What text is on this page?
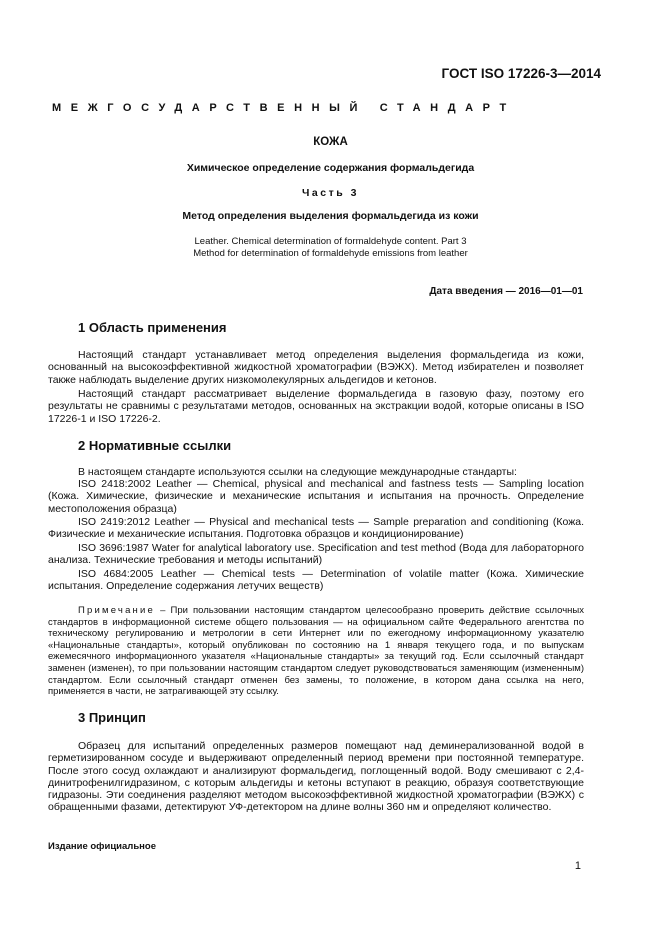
ГОСТ ISO 17226-3—2014
МЕЖГОСУДАРСТВЕННЫЙ СТАНДАРТ
КОЖА
Химическое определение содержания формальдегида
Часть 3
Метод определения выделения формальдегида из кожи
Leather. Chemical determination of formaldehyde content. Part 3
Method for determination of formaldehyde emissions from leather
Дата введения — 2016—01—01
1 Область применения

Настоящий стандарт устанавливает метод определения выделения формальдегида из кожи, основанный на высокоэффективной жидкостной хроматографии (ВЭЖХ). Метод избирателен и позволяет также наблюдать выделение других низкомолекулярных альдегидов и кетонов.

Настоящий стандарт рассматривает выделение формальдегида в газовую фазу, поэтому его результаты не сравнимы с результатами методов, основанных на экстракции водой, которые описаны в ISO 17226-1 и ISO 17226-2.

2 Нормативные ссылки

В настоящем стандарте используются ссылки на следующие международные стандарты:

ISO 2418:2002 Leather — Chemical, physical and mechanical and fastness tests — Sampling location (Кожа. Химические, физические и механические испытания и испытания на прочность. Определение местоположения образца)

ISO 2419:2012 Leather — Physical and mechanical tests — Sample preparation and conditioning (Кожа. Физические и механические испытания. Подготовка образцов и кондиционирование)

ISO 3696:1987 Water for analytical laboratory use. Specification and test method (Вода для лабораторного анализа. Технические требования и методы испытаний)

ISO 4684:2005 Leather — Chemical tests — Determination of volatile matter (Кожа. Химические испытания. Определение содержания летучих веществ)

Примечание – При пользовании настоящим стандартом целесообразно проверить действие ссылочных стандартов в информационной системе общего пользования — на официальном сайте Федерального агентства по техническому регулированию и метрологии в сети Интернет или по ежегодному информационному указателю «Национальные стандарты», который опубликован по состоянию на 1 января текущего года, и по выпускам ежемесячного информационного указателя «Национальные стандарты» за текущий год. Если ссылочный стандарт заменен (изменен), то при пользовании настоящим стандартом следует руководствоваться заменяющим (измененным) стандартом. Если ссылочный стандарт отменен без замены, то положение, в котором дана ссылка на него, применяется в части, не затрагивающей эту ссылку.

3 Принцип

Образец для испытаний определенных размеров помещают над деминерализованной водой в герметизированном сосуде и выдерживают определенный период времени при постоянной температуре. После этого сосуд охлаждают и анализируют формальдегид, поглощенный водой. Воду смешивают с 2,4-динитрофенилгидразином, с которым альдегиды и кетоны вступают в реакцию, образуя соответствующие гидразоны. Эти соединения разделяют методом высокоэффективной жидкостной хроматографии (ВЭЖХ) с обращенными фазами, детектируют УФ-детектором на длине волны 360 нм и определяют количество.

Издание официальное
1
